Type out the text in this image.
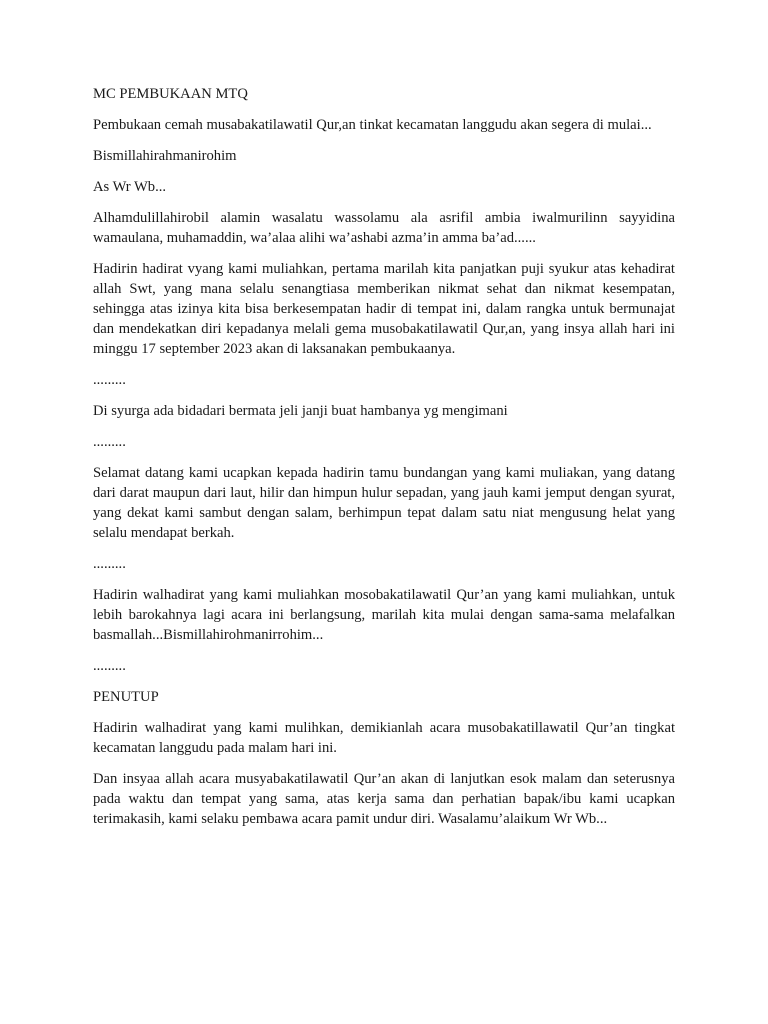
MC PEMBUKAAN MTQ

Pembukaan cemah musabakatilawatil Qur,an tinkat kecamatan langgudu akan segera di mulai...

Bismillahirahmanirohim

As Wr Wb...

Alhamdulillahirobil alamin wasalatu wassolamu ala asrifil ambia iwalmurilinn sayyidina wamaulana, muhamaddin, wa’alaa alihi wa’ashabi azma’in amma ba’ad......

Hadirin hadirat vyang kami muliahkan, pertama marilah kita panjatkan puji syukur atas kehadirat allah Swt, yang mana selalu senangtiasa memberikan nikmat sehat dan nikmat kesempatan, sehingga atas izinya kita bisa berkesempatan hadir di tempat ini, dalam rangka untuk bermunajat dan mendekatkan diri kepadanya melali gema musobakatilawatil Qur,an, yang insya allah hari ini minggu 17 september 2023 akan di laksanakan pembukaanya.

.........

Di syurga ada bidadari bermata jeli janji buat hambanya yg mengimani

.........

Selamat datang kami ucapkan kepada hadirin tamu bundangan yang kami muliakan, yang datang dari darat maupun dari laut, hilir dan himpun hulur sepadan, yang jauh kami jemput dengan syurat, yang dekat kami sambut dengan salam, berhimpun tepat dalam satu niat mengusung helat yang selalu mendapat berkah.

.........

Hadirin walhadirat yang kami muliahkan mosobakatilawatil Qur’an yang kami muliahkan, untuk lebih barokahnya lagi acara ini berlangsung, marilah kita mulai dengan sama-sama melafalkan basmallah...Bismillahirohmanirrohim...

.........

PENUTUP

Hadirin walhadirat yang kami mulihkan, demikianlah acara musobakatillawatil Qur’an tingkat kecamatan langgudu pada malam hari ini.

Dan insyaa allah acara musyabakatilawatil Qur’an akan di lanjutkan esok malam dan seterusnya pada waktu dan tempat yang sama, atas kerja sama dan perhatian bapak/ibu kami ucapkan terimakasih, kami selaku pembawa acara pamit undur diri. Wasalamu’alaikum Wr Wb...
